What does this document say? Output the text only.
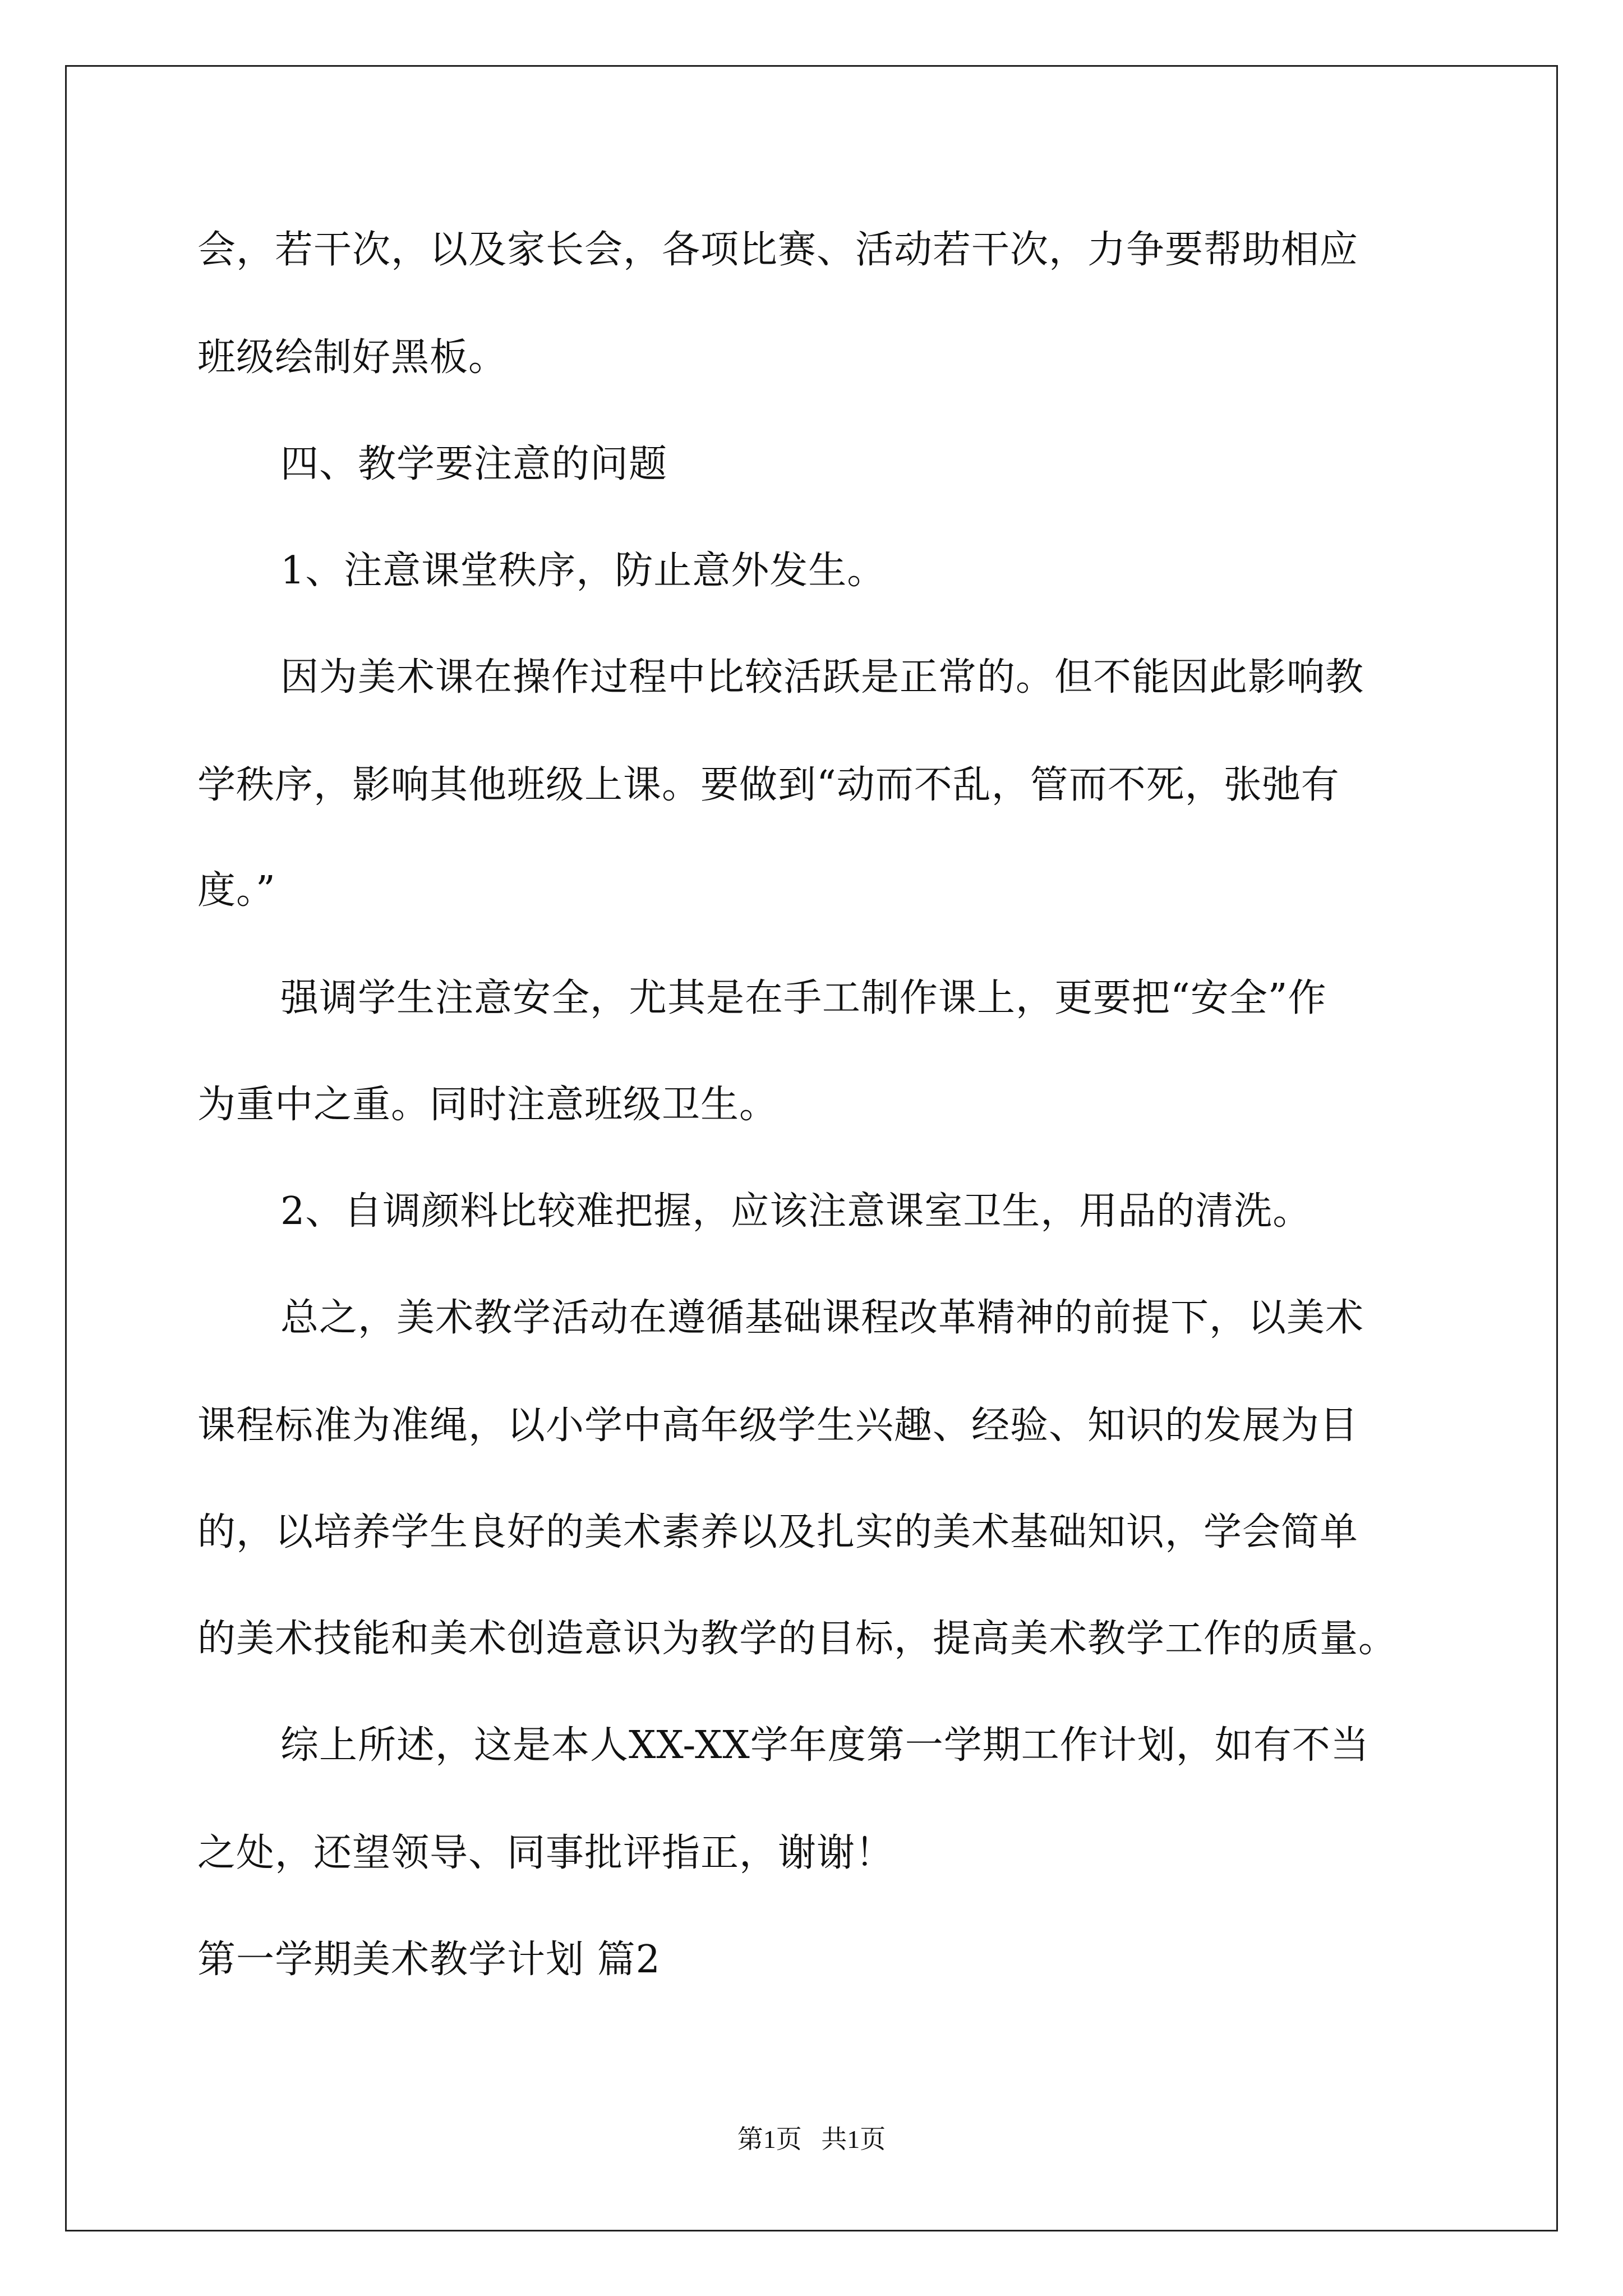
会，若干次，以及家长会，各项比赛、活动若干次，力争要帮助相应
班级绘制好黑板。
四、教学要注意的问题
1、注意课堂秩序，防止意外发生。
因为美术课在操作过程中比较活跃是正常的。但不能因此影响教
学秩序，影响其他班级上课。要做到“动而不乱，管而不死，张弛有
度。”
强调学生注意安全，尤其是在手工制作课上，更要把“安全”作
为重中之重。同时注意班级卫生。
2、自调颜料比较难把握，应该注意课室卫生，用品的清洗。
总之，美术教学活动在遵循基础课程改革精神的前提下，以美术
课程标准为准绳，以小学中高年级学生兴趣、经验、知识的发展为目
的，以培养学生良好的美术素养以及扎实的美术基础知识，学会简单
的美术技能和美术创造意识为教学的目标，提高美术教学工作的质量。
综上所述，这是本人XX-XX学年度第一学期工作计划，如有不当
之处，还望领导、同事批评指正，谢谢！
第一学期美术教学计划 篇2
第1页   共1页
